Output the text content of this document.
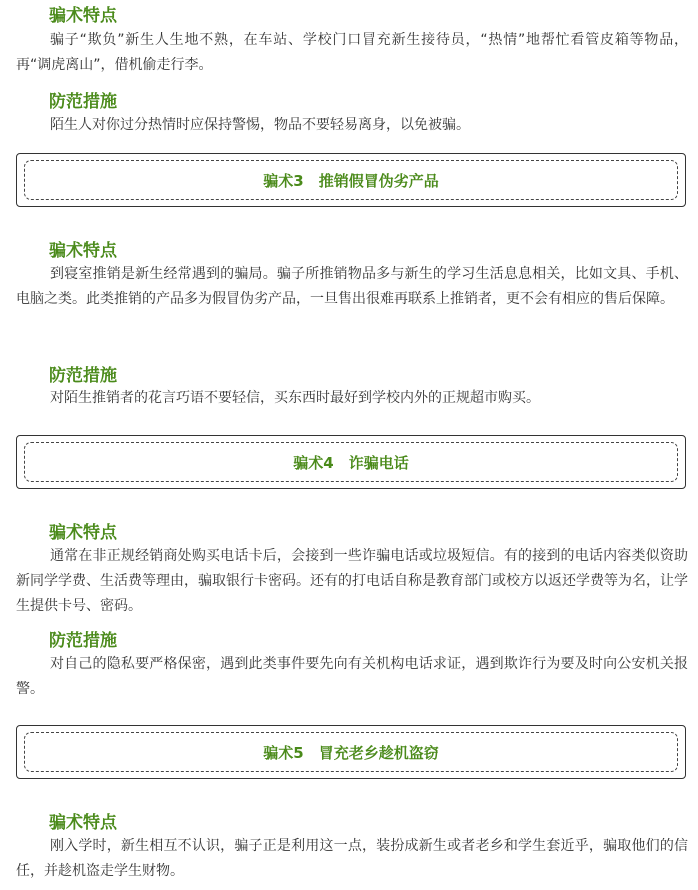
骗术特点

骗子“欺负”新生人生地不熟，在车站、学校门口冒充新生接待员，“热情”地帮忙看管皮箱等物品，再“调虎离山”，借机偷走行李。

防范措施

陌生人对你过分热情时应保持警惕，物品不要轻易离身，以免被骗。

骗术3　推销假冒伪劣产品
骗术特点

到寝室推销是新生经常遇到的骗局。骗子所推销物品多与新生的学习生活息息相关，比如文具、手机、电脑之类。此类推销的产品多为假冒伪劣产品，一旦售出很难再联系上推销者，更不会有相应的售后保障。

防范措施

对陌生推销者的花言巧语不要轻信，买东西时最好到学校内外的正规超市购买。

骗术4　诈骗电话
骗术特点

通常在非正规经销商处购买电话卡后，会接到一些诈骗电话或垃圾短信。有的接到的电话内容类似资助新同学学费、生活费等理由，骗取银行卡密码。还有的打电话自称是教育部门或校方以返还学费等为名，让学生提供卡号、密码。

防范措施

对自己的隐私要严格保密，遇到此类事件要先向有关机构电话求证，遇到欺诈行为要及时向公安机关报警。

骗术5　冒充老乡趁机盗窃
骗术特点

刚入学时，新生相互不认识，骗子正是利用这一点，装扮成新生或者老乡和学生套近乎，骗取他们的信任，并趁机盗走学生财物。
